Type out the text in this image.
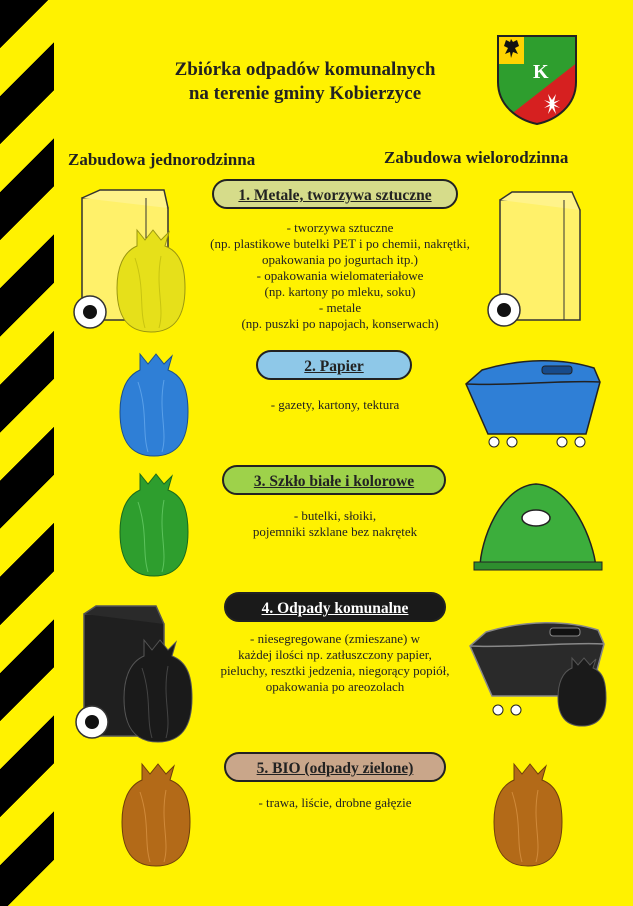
Zbiórka odpadów komunalnych
na terenie gminy Kobierzyce
K
Zabudowa jednorodzinna	Zabudowa wielorodzinna
1. Metale, tworzywa sztuczne
- tworzywa sztuczne
(np. plastikowe butelki PET i po chemii, nakrętki,
opakowania po jogurtach itp.)
- opakowania wielomateriałowe
(np. kartony po mleku, soku)
- metale
(np. puszki po napojach, konserwach)
2. Papier
- gazety, kartony, tektura
3. Szkło białe i kolorowe
- butelki, słoiki,
pojemniki szklane bez nakrętek
4. Odpady komunalne
- niesegregowane (zmieszane) w
każdej ilości np. zatłuszczony papier,
pieluchy, resztki jedzenia, niegorący popiół,
opakowania po areozolach
5. BIO (odpady zielone)
- trawa, liście, drobne gałęzie
